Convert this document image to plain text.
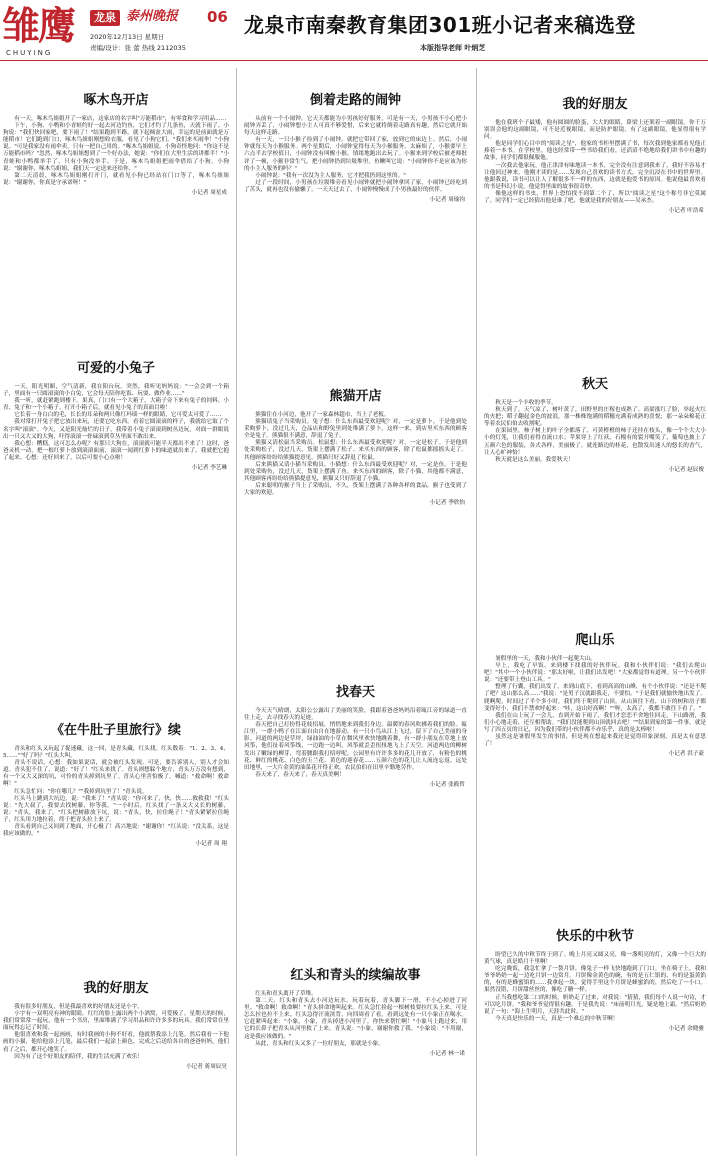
雏鹰
CHUYING
龙泉 泰州晚报 06
2020年12月13日 星期日
责编/设计：张 蕾 热线 2112035
龙泉市南秦教育集团301班小记者来稿选登
本版指导老师 叶炳芝
啄木鸟开店

有一天，啄木鸟姐姐开了一家店，这家店的名字叫"万能稻市"，有零食和学习用品……

下午，小狗、小鸭和小青蛙约好一起去河边钓鱼，它们才钓了几条鱼，天就下雨了。小狗说："我们快回家吧，要下雨了！"结果跑到半路，就下起倾盆大雨，幸运的是前面就是万能稻市！它们跑到门口，啄木鸟姐姐刚想收衣服，看见了小狗它们。"我们来买雨伞！"小狗说。"可是我家没有雨伞卖，只有一把自己用的。"啄木鸟姐姐说。小狗奇怪地问："你这不是万能稻市吗？"忽然，啄木鸟姐姐想到了一个好办法，她说："你们在大里生活的讲都半！"小青蛙和小鸭都举手了，只有小狗没举手。于是，啄木鸟姐姐把雨伞借给了小狗，小狗说："谢谢你，啄木鸟姐姐，我们天一定送来还给你。"

第二天清晨，啄木鸟姐姐刚打开门，就看见小狗已经站在门口等了，啄木鸟姐姐说："谢谢你，你真是守承诺呀！"

小记者 周星成
可爱的小兔子

一天，阳光明媚，空气清新，我在阳台玩。突然，我听见妈妈说："一会会到一个箱子，里面有一只圆滚滚的小白兔，它会每天陪你吃饭、玩耍、做作业……"

我一听，就赶紧跑到楼下。果真，门口有一个大箱子。大箱子旁下来有兔子的饲料、小青、兔子和一个小箱子。打开小箱子后，就看见小兔子的真面目啦！

它长着一身白白的毛，长长的耳朵和两只像红玛瑙一样的眼睛，它可爱太可爱了……

我对常打开兔子把它放出来玩，还要它吃东西。看着它圆滚滚的样子，我就给它取了个名字叫"滚滚"。今天，又是阳光灿烂的日子。我带着小兔子滚滚到树丛边玩，对面一群眼说出一只又大又的大狗，吓得滚滚一骨碌滚到草丛里面不敢出来。

我心想：糟糕，这可怎么办呢？有那只大狗在，滚滚就可能半天都出不来了！这时，爸爸灵机一动，把一根红萝卜放到滚滚面前，滚滚一闻到红萝卜的味道就出来了，我就把它抱了起来。心想：还好回来了，以后可要小心点啦！

小记者 李艺琳
《在牛肚子里旅行》续

青头和红头又玩起了捉迷藏，这一回，是青头藏，红头找。红头数着："1、2、3、4、5……""好了吗？"红头大叫。

青头不说话，心想：我如果说话，就会被红头发现。可是，要告诉别人，别人才会知道。青头犯不住了，说道："好了！"红头来找了。青头则想躲个地方，青头万万没有想到，有一个又大又深的坑，可怜的青头掉到坑里了。青头心里害怕极了，喊道："救命啊！救命啊！"

红头急忙问："你在哪儿？""我掉到坑里了！"青头说。

红头马上跳到大坑边，说："我来了！"青头说："你可来了，快，快……救救我！"红头说："先大叔了，我要去找树藤，你等我。"一小时后，红头找了一条又大又长的树藤，说："青头，我来了。"红头把树藤放下坑，说："青头，快，拉住绳子！"青头紧紧拉住绳子，红头用力地拉着，终于把青头拉上来了。

青头看到自己又回到了地面，开心极了！高兴地说："谢谢你！"红头说："没关系，这是我应该做的。"

小记者 周 翔
我的好朋友

我有很多好朋友，但是我最喜欢的好朋友还是小宇。

小宇有一双明亮有神的眼睛，红红的脸上露出两个小酒窝，可爱极了。星期天的时候，我们常常常一起玩，他有一个书房，里面堆满了学习用品和许许多多的玩具。我们常常在里面玩得忘记了时间。

他很喜欢和我一起画画，有时我画的小狗不好看，他就帮我添上几笔。然后我看一下他画的小猫，他给他添上几笔，最后我们一起涂上颜色，完成之后送给各自的爸爸妈妈，他们看了之后，都开心地笑了。

因为有了这个好朋友的陪伴，我的生活充满了欢乐！

小记者 蒋周辰昊
倒着走路的闹钟

从前有一个小闹钟，它天天都能为小男孩好好服务，可是有一天，小男孩不小心把小闹钟弄丢了，小闹钟想小主人可真不够爱惜，后来它就将倒着走路真有趣，然后它就开始每天这样走路。

有一天，一只小猴子捡到了小闹钟，就把它带回了家，放到它的床边上。然后，小闹钟就每天为小猴服务。两个星期后，小闹钟觉得每天为小猴服务，太麻烦了，小猴要早上六点半去学校值日，小闹钟没有叫醒小猴，情绪地跑出去玩了。小猴来到学校后被老师批评了一顿，小猴非常生气，把小闹钟扔到垃圾堆里，鱼鳅叫它说："小闹钟你不是应该为你的小主人服务的吗？"

小闹钟说："我有一次没为主人服务，它才把我扔到这里的。"

过了一段时间，小男孩在垃圾堆旁看见小闹钟就把小闹钟拿回了家，小闹钟已经吃到了苦头，就再也没有偷懒了。一天天过去了，小闹钟慢慢成了小男孩最好的伙伴。

小记者 周瑜钧
熊猫开店

熊猫住在小河边，他开了一家森林超市，当上了老板。

熊猫请兔子当采购员。兔子想：什么东西最受欢迎呢？对，一定是萝卜。于是他到处采购萝卜，没过几天，仓品店和野兔里到处堆满了萝卜，这样一来，到店里买东西的顾客全是兔子。熊猫很不满意，辞退了兔子。

熊猫又请松鼠当采购员。松鼠想：什么东西最受欢迎呢？对，一定是松子。于是他到处采购松子，没过几天，货架上摆满了松子。来买东西的顾客，除了松鼠都摇摇头走了。其他顾客纷纷给熊猫提意见，熊猫只好又辞退了松鼠。

后来熊猫又请小猫当采购员。小猫想：什么东西最受欢迎呢？对，一定是鱼。于是他到处采购鱼，没过几天，货架上摆满了鱼。来买东西的顾客，除了小猫，其他都不满意，其他顾客再纷纷给熊猫提意见，熊猫又只好辞退了小猫。

后来聪明的猴子当上了采购员，不久，货架上摆满了各种各样的食品，猴子也受到了大家的欢迎。

小记者 季欣怡
找春天

今天天气晴朗，太阳公公露出了美丽的笑脸，我跟着爸爸妈妈沿着瓯江旁的绿道一直往上走，去寻找春天的足迹。

春天把自己打扮得花枝招展，悄悄地来到我们身边，温暖的春风吹拂着我们的脸。瓯江里，一群小鸭子在江面自由自在地游动。有一只小鸟从江上飞过，留下了自己美丽的身影。河道的两边是草坪，绿油油的小草在微风里欢快地跳着舞，有一群小朋友在草地上放风筝，他们扯着风筝线，一边跑一边叫，风筝就歪歪扭扭地飞上了天空。河道两边的柳树发出了嫩绿的柳芽，弯着腰跟我打招呼呢。公园里有许许多多的花儿开放了，有粉色的桃花、鲜红的桃花、白色的玉兰花、黄色的迎春花……五颜六色的花儿让人流连忘返。远处田地里，一大片金黄的油菜花开得正欢，农民伯伯在田里辛勤地劳作。

春天来了，春天来了，春天真美啊！

小记者 张筱哲
红头和青头的续编故事

红头和青头离开了草堆。

第二天，红头和青头去小河边玩水。玩着玩着，青头脚下一滑，不小心掉进了河里。"救命啊！救命啊！"青头拼命地叫起来。红头急忙捡起一根树枝要拉红头上来，可是怎么拉也拉不上来。红头急得汗流浃背，向四周看了看，看到远处有一只小象正在喝水。它赶紧叫起来："小象，小象，青头掉进小河里了，你快来帮忙啊！"小象马上跑过来，用它的长鼻子把青头从河里救了上来。青头说："小象，谢谢你救了我。"小象说："不用谢，这是我应该做的。"

从此，青头和红头又多了一位好朋友，那就是小象。

小记者 林一诺
我的好朋友

他在我班个子最矮，他有圆圆的脸蛋，大大的眼睛，鼻梁上还架着一副眼镜。你千万别误会他的这副眼镜，可不是近视眼镜，而是防护眼镜。有了这副眼镜，他显得很有学问。

他是同学们心目中的"阅读之星"，他家的书柜里摆满了书，每次我到他家都看见他正捧着一本书。在学校里，他也经常带一些书给我们看，还滔滔不绝地给我们讲书中有趣的故事，同学们都很佩服他。

一次我去他家玩，他正津津有味地读一本书，完全没有注意到我来了，我好不容易才让他回过神来，他刚才读的是……发现自己喜欢的读书方式，完全沉浸在书中的世界里。他跟我说，读书可以让人了解很多不一样的东西，这就是他爱书的原因。他说他最喜欢看的书是科幻小说，他觉得里面的故事很奇妙。

像他这样的书虫，世界上恐怕找不到第二个了，所以"阅读之星"这个称号非它莫属了。同学们一定已经猜出他是谁了吧，他就是我的好朋友——吴承杰。

小记者 叶浩希
秋天

秋天是一个丰收的季节。

秋天到了，天气凉了，树叶黄了，田野里的庄稼也成熟了。高粱涨红了脸，举起火红的火把；稻子翻起金色的波浪，那一株株饱满的稻穗充满着成熟的喜悦；那一朵朵棉花正等着农民伯伯去收割呢。

在果园里，柿子树上的叶子全都落了，可黄橙橙的柿子还挂在枝头，像一个个大大小小的灯笼，让我们看得直流口水；苹果穿上了红袄，石榴有的裂开嘴笑了，葡萄也披上了五颜六色的服装，各式各样，美丽极了。就连路边的桂花，也散发出迷人的悠长的香气，让人心旷神怡！

秋天就是这么美丽，我爱秋天！

小记者 赵辰俊
爬山乐

暑假里的一天，我和小伙伴一起爬大山。

早上，我吃了早饭，来到楼下找我的好伙伴玩。我和小伙伴们说："我们去爬山吧！"其中一个小伙伴说："那太好啦，让我们出发吧！"大家都觉得有道理。另一个小伙伴说："还要带上登山工具。"

整理了行囊，我们出发了。来到山底下，看到高高的山峰，有个小伙伴说："还是不爬了吧？这山那么高……"我说："是男子汉就跟我走，不要怕。"于是我们就愉快地出发了。爬啊爬，时间过了半个多小时，我们终于爬到了山顶。从山顶往下看，山下的树和房子都变得好小，我们不禁欢呼起来："哇，这山好高啊！""呀，太高了，我都不敢往下看了。"

我们在山上玩了一会儿，直到开始下雨了，我们才恋恋不舍地往回走。下山路滑，我们小心地走着，还互相帮助。"我们没能爬到山顶就回去吧！""结果到家的第一件事，就是写了四五页的日记，因为我们带的小伙伴都不亦乐乎，真的是太棒啦！

虽然这是暑假里发生的事情，但是现在想起来我还是觉得印象深刻，真是太有意思了！

小记者 洪子豪
快乐的中秋节

盼望已久的中秋节终于到了。晚上月亮又圆又亮，像一盏明亮的灯，又像一个巨大的黄气球，真是皓月千里啊！

吃完晚饭，我急忙拿了一袋月饼，像兔子一样飞快地跑到了门口。坐在椅子上，我和爷爷奶奶一起一边吃月饼一边赏月。月饼像金黄色的碗，有的是五仁馅的，有的是蛋黄馅的，有的是蜂蜜馅的……我拿起一块，觉得手里这个月饼是蜂蜜馅的，然后吃了一小口。果然没错，月饼甜丝丝的，像吃了糖一样。

正当我想吃第二口的时候，奶奶走了过来，对我说："猜猜，我们每个人说一句诗，才可以吃月饼。"我和爷爷觉得很有趣，于是我先说："床前明月光，疑是地上霜。"然后奶奶说了一句："海上生明月，天涯共此时。"

今天真是快乐的一天，真是一个难忘的中秋节啊！

小记者 余晓雅
